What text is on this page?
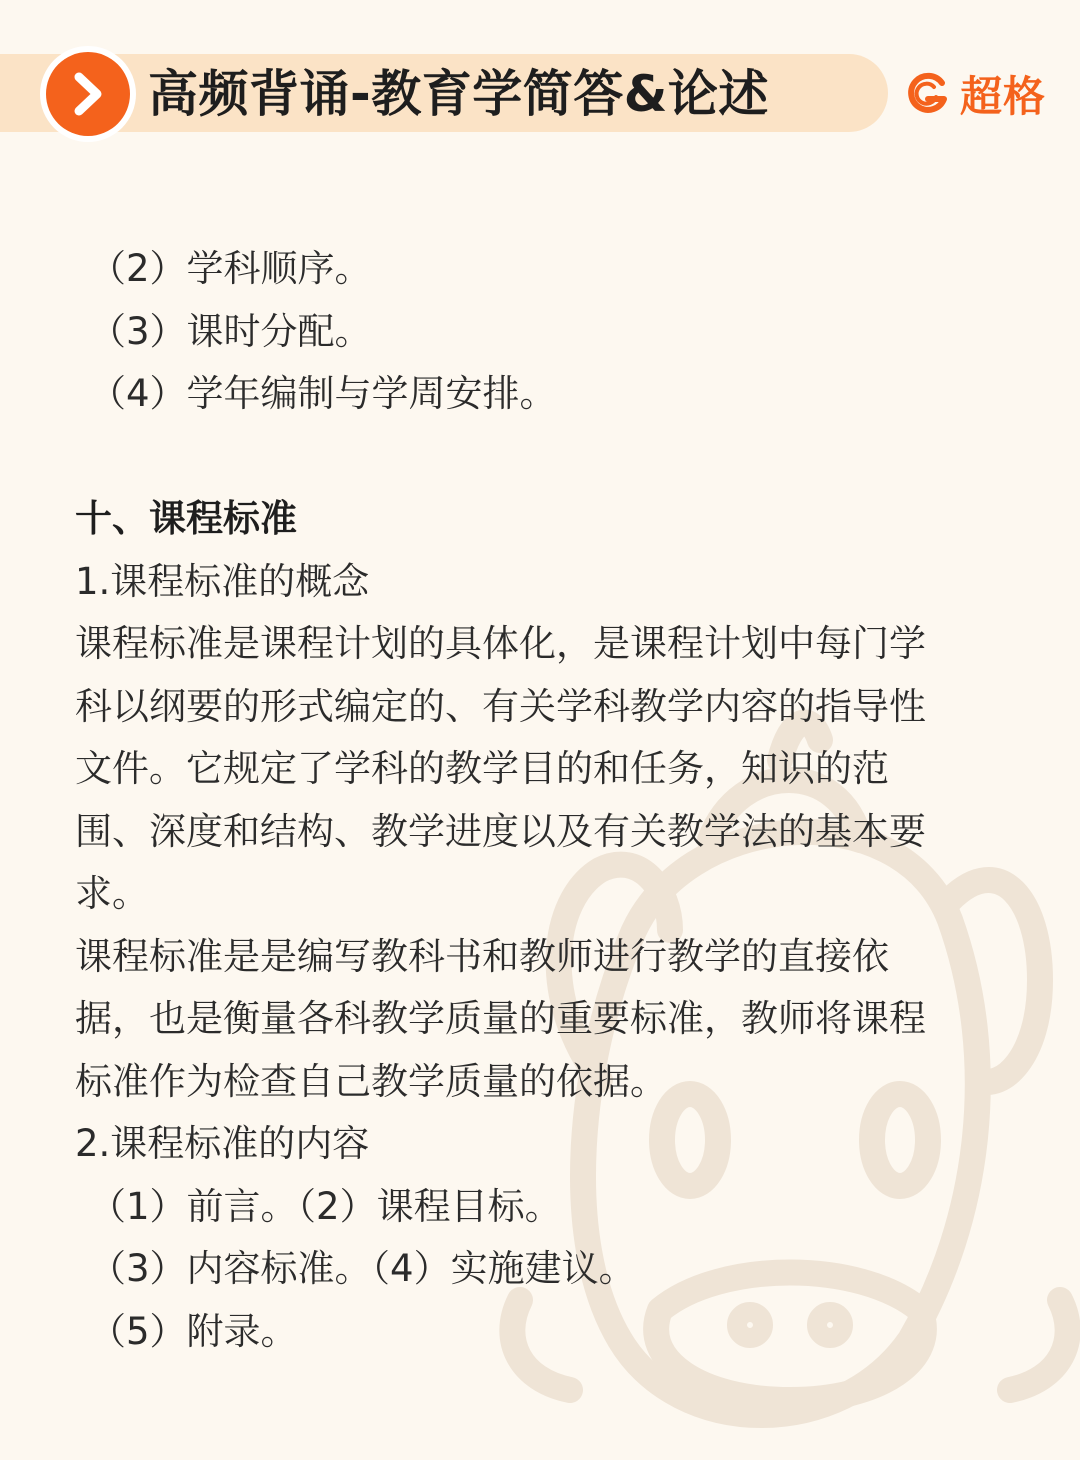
高频背诵-教育学简答&论述	超格
（2）学科顺序。
（3）课时分配。
（4）学年编制与学周安排。
十、课程标准
1.课程标准的概念
课程标准是课程计划的具体化，是课程计划中每门学
科以纲要的形式编定的、有关学科教学内容的指导性
文件。它规定了学科的教学目的和任务，知识的范
围、深度和结构、教学进度以及有关教学法的基本要
求。
课程标准是是编写教科书和教师进行教学的直接依
据，也是衡量各科教学质量的重要标准，教师将课程
标准作为检查自己教学质量的依据。
2.课程标准的内容
（1）前言。（2）课程目标。
（3）内容标准。（4）实施建议。
（5）附录。
